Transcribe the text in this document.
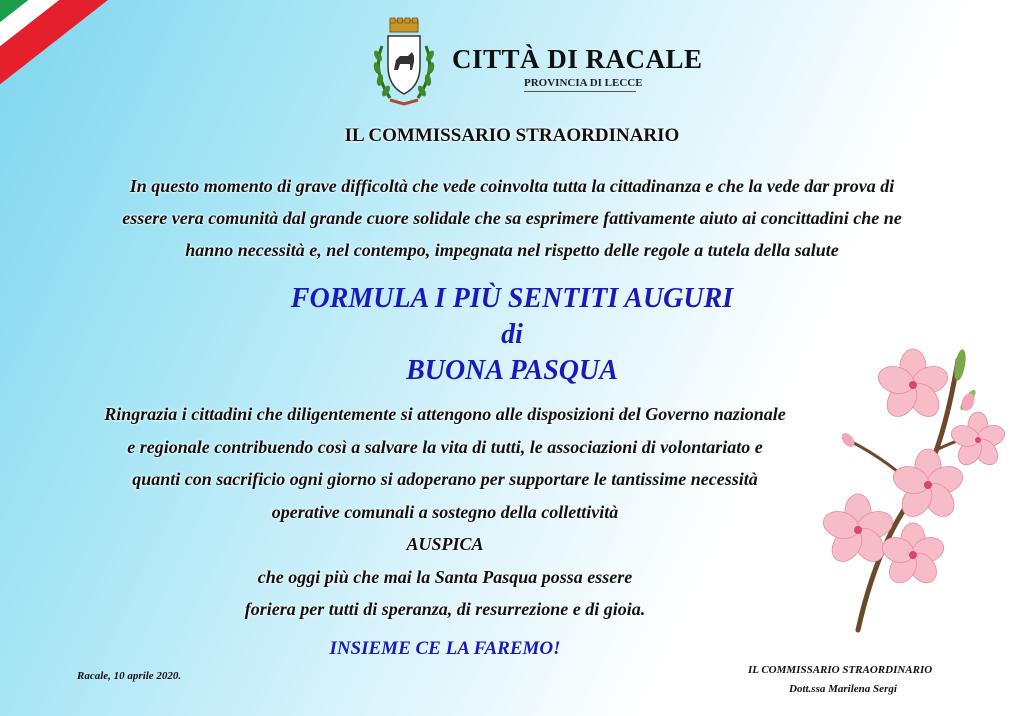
CITTÀ DI RACALE
PROVINCIA DI LECCE
IL COMMISSARIO STRAORDINARIO
In questo momento di grave difficoltà che vede coinvolta tutta la cittadinanza e che la vede dar prova di
essere vera comunità dal grande cuore solidale che sa esprimere fattivamente aiuto ai concittadini che ne
hanno necessità e, nel contempo, impegnata nel rispetto delle regole a tutela della salute
FORMULA I PIÙ SENTITI AUGURI
di
BUONA PASQUA
Ringrazia i cittadini che diligentemente si attengono alle disposizioni del Governo nazionale
e regionale contribuendo così a salvare la vita di tutti, le associazioni di volontariato e
quanti con sacrificio ogni giorno si adoperano per supportare le tantissime necessità
operative comunali a sostegno della collettività
AUSPICA
che oggi più che mai la Santa Pasqua possa essere
foriera per tutti di speranza, di resurrezione e di gioia.
INSIEME CE LA FAREMO!
Racale, 10 aprile 2020.	IL COMMISSARIO STRAORDINARIO
Dott.ssa Marilena Sergi
